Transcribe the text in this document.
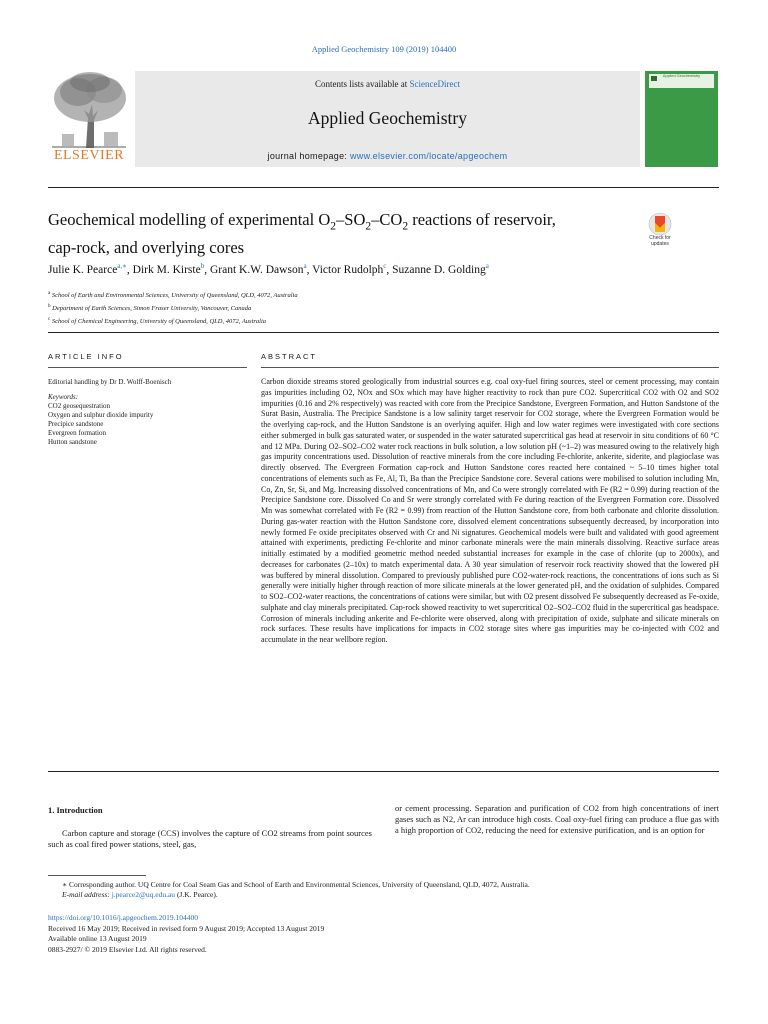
Applied Geochemistry 109 (2019) 104400
ELSEVIER
Contents lists available at ScienceDirect
Applied Geochemistry
journal homepage: www.elsevier.com/locate/apgeochem
Applied Geochemistry
Geochemical modelling of experimental $O_2-SO_2-CO_2$ reactions of reservoir,
cap-rock, and overlying cores
Check for
updates
Julie K. Pearce$^{a,∗}$, Dirk M. Kirste$^b$, Grant K.W. Dawson$^a$, Victor Rudolph$^c$, Suzanne D. Golding$^a$
$^a$ School of Earth and Environmental Sciences, University of Queensland, QLD, 4072, Australia
$^b$ Department of Earth Sciences, Simon Fraser University, Vancouver, Canada
$^c$ School of Chemical Engineering, University of Queensland, QLD, 4072, Australia
ARTICLE INFO	ABSTRACT
Editorial handling by Dr D. Wolff-Boenisch
Keywords:
CO2 geosequestration
Oxygen and sulphur dioxide impurity
Precipice sandstone
Evergreen formation
Hutton sandstone
Carbon dioxide streams stored geologically from industrial sources e.g. coal oxy-fuel firing sources, steel or cement processing, may contain gas impurities including O2, NOx and SOx which may have higher reactivity to rock than pure CO2. Supercritical CO2 with O2 and SO2 impurities (0.16 and 2% respectively) was reacted with core from the Precipice Sandstone, Evergreen Formation, and Hutton Sandstone of the Surat Basin, Australia. The Precipice Sandstone is a low salinity target reservoir for CO2 storage, where the Evergreen Formation would be the overlying cap-rock, and the Hutton Sandstone is an overlying aquifer. High and low water regimes were investigated with core sections either submerged in bulk gas saturated water, or suspended in the water saturated supercritical gas head at reservoir in situ conditions of 60 °C and 12 MPa. During O2–SO2–CO2 water rock reactions in bulk solution, a low solution pH (~1–2) was measured owing to the relatively high gas impurity concentrations used. Dissolution of reactive minerals from the core including Fe-chlorite, ankerite, siderite, and plagioclase was directly observed. The Evergreen Formation cap-rock and Hutton Sandstone cores reacted here contained ~ 5–10 times higher total concentrations of elements such as Fe, Al, Ti, Ba than the Precipice Sandstone core. Several cations were mobilised to solution including Mn, Co, Zn, Sr, Si, and Mg. Increasing dissolved concentrations of Mn, and Co were strongly correlated with Fe (R2 = 0.99) during reaction of the Precipice Sandstone core. Dissolved Co and Sr were strongly correlated with Fe during reaction of the Evergreen Formation core. Dissolved Mn was somewhat correlated with Fe (R2 = 0.99) from reaction of the Hutton Sandstone core, from both carbonate and chlorite dissolution. During gas-water reaction with the Hutton Sandstone core, dissolved element concentrations subsequently decreased, by incorporation into newly formed Fe oxide precipitates observed with Cr and Ni signatures. Geochemical models were built and validated with good agreement attained with experiments, predicting Fe-chlorite and minor carbonate minerals were the main minerals dissolving. Reactive surface areas initially estimated by a modified geometric method needed substantial increases for example in the case of chlorite (up to 2000x), and decreases for carbonates (2–10x) to match experimental data. A 30 year simulation of reservoir rock reactivity showed that the lowered pH was buffered by mineral dissolution. Compared to previously published pure CO2-water-rock reactions, the concentrations of ions such as Si generally were initially higher through reaction of more silicate minerals at the lower generated pH, and the oxidation of sulphides. Compared to SO2–CO2-water reactions, the concentrations of cations were similar, but with O2 present dissolved Fe subsequently decreased as Fe-oxide, sulphate and clay minerals precipitated. Cap-rock showed reactivity to wet supercritical O2–SO2–CO2 fluid in the supercritical gas headspace. Corrosion of minerals including ankerite and Fe-chlorite were observed, along with precipitation of oxide, sulphate and silicate minerals on rock surfaces. These results have implications for impacts in CO2 storage sites where gas impurities may be co-injected with CO2 and accumulate in the near wellbore region.
1. Introduction
Carbon capture and storage (CCS) involves the capture of CO2 streams from point sources such as coal fired power stations, steel, gas,
or cement processing. Separation and purification of CO2 from high concentrations of inert gases such as N2, Ar can introduce high costs. Coal oxy-fuel firing can produce a flue gas with a high proportion of CO2, reducing the need for extensive purification, and is an option for
∗ Corresponding author. UQ Centre for Coal Seam Gas and School of Earth and Environmental Sciences, University of Queensland, QLD, 4072, Australia.
E-mail address: j.pearce2@uq.edu.au (J.K. Pearce).
https://doi.org/10.1016/j.apgeochem.2019.104400
Received 16 May 2019; Received in revised form 9 August 2019; Accepted 13 August 2019
Available online 13 August 2019
0883-2927/ © 2019 Elsevier Ltd. All rights reserved.
